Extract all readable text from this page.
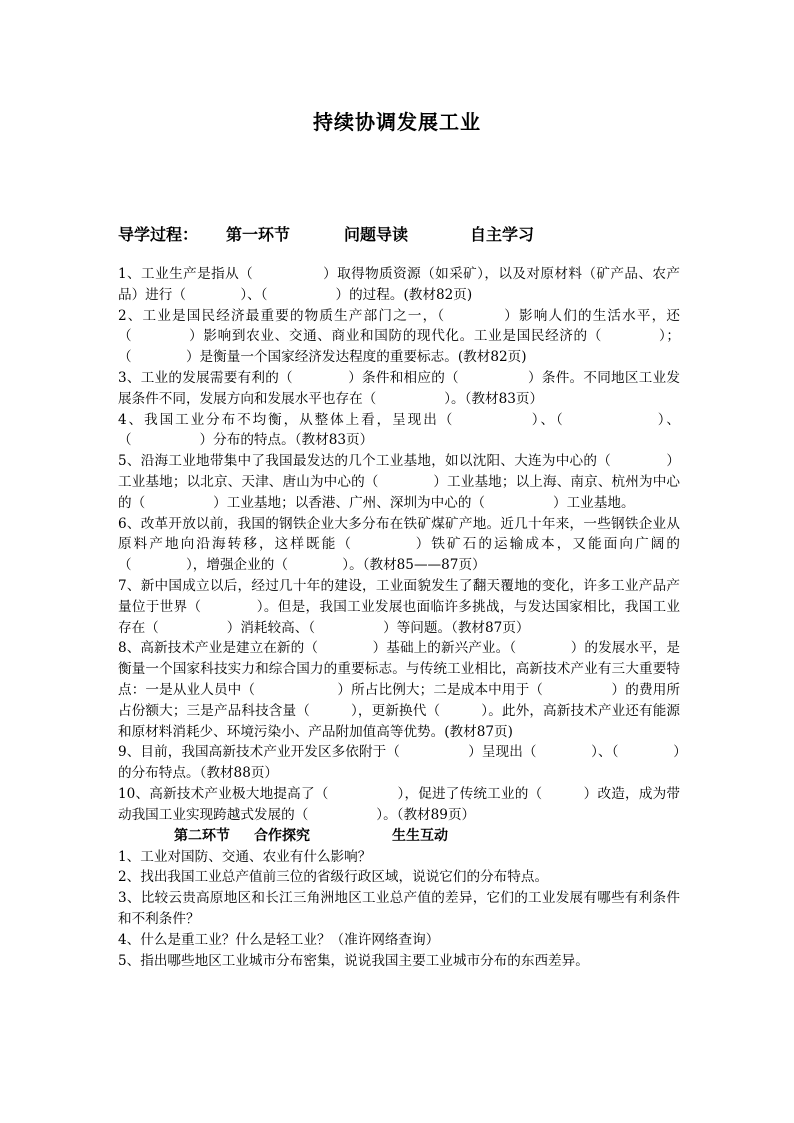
持续协调发展工业
导学过程： 第一环节	问题导读	自主学习

1、工业生产是指从（　　　　　）取得物质资源（如采矿），以及对原材料（矿产品、农产品）进行（　　　　）、（　　　　　）的过程。(教材82页)

2、工业是国民经济最重要的物质生产部门之一，（　　　　）影响人们的生活水平，还（　　　　）影响到农业、交通、商业和国防的现代化。工业是国民经济的（　　　　）；（　　　　）是衡量一个国家经济发达程度的重要标志。(教材82页)

3、工业的发展需要有利的（　　　　）条件和相应的（　　　　　）条件。不同地区工业发展条件不同，发展方向和发展水平也存在（　　　　　）。（教材83页）

4、我国工业分布不均衡，从整体上看，呈现出（　　　　　）、（　　　　　　）、（　　　　　）分布的特点。（教材83页）

5、沿海工业地带集中了我国最发达的几个工业基地，如以沈阳、大连为中心的（　　　　）工业基地；以北京、天津、唐山为中心的（　　　　）工业基地；以上海、南京、杭州为中心的（　　　　　）工业基地；以香港、广州、深圳为中心的（　　　　　）工业基地。

6、改革开放以前，我国的钢铁企业大多分布在铁矿煤矿产地。近几十年来，一些钢铁企业从原料产地向沿海转移，这样既能（　　　　）铁矿石的运输成本，又能面向广阔的（　　　　），增强企业的（　　　　）。（教材85——87页）

7、新中国成立以后，经过几十年的建设，工业面貌发生了翻天覆地的变化，许多工业产品产量位于世界（　　　　）。但是，我国工业发展也面临许多挑战，与发达国家相比，我国工业存在（　　　　　）消耗较高、（　　　　　）等问题。（教材87页）

8、高新技术产业是建立在新的（　　　　）基础上的新兴产业。（　　　　）的发展水平，是衡量一个国家科技实力和综合国力的重要标志。与传统工业相比，高新技术产业有三大重要特点：一是从业人员中（　　　　　　）所占比例大；二是成本中用于（　　　　　）的费用所占份额大；三是产品科技含量（　　　），更新换代（　　　）。此外，高新技术产业还有能源和原材料消耗少、环境污染小、产品附加值高等优势。(教材87页)

9、目前，我国高新技术产业开发区多依附于（　　　　　）呈现出（　　　　）、（　　　　）的分布特点。（教材88页）

10、高新技术产业极大地提高了（　　　　　），促进了传统工业的（　　　）改造，成为带动我国工业实现跨越式发展的（　　　　　）。（教材89页）

第二环节 合作探究	生生互动

1、工业对国防、交通、农业有什么影响？

2、找出我国工业总产值前三位的省级行政区域，说说它们的分布特点。

3、比较云贵高原地区和长江三角洲地区工业总产值的差异，它们的工业发展有哪些有利条件和不利条件？

4、什么是重工业？什么是轻工业？（准许网络查询）

5、指出哪些地区工业城市分布密集，说说我国主要工业城市分布的东西差异。
